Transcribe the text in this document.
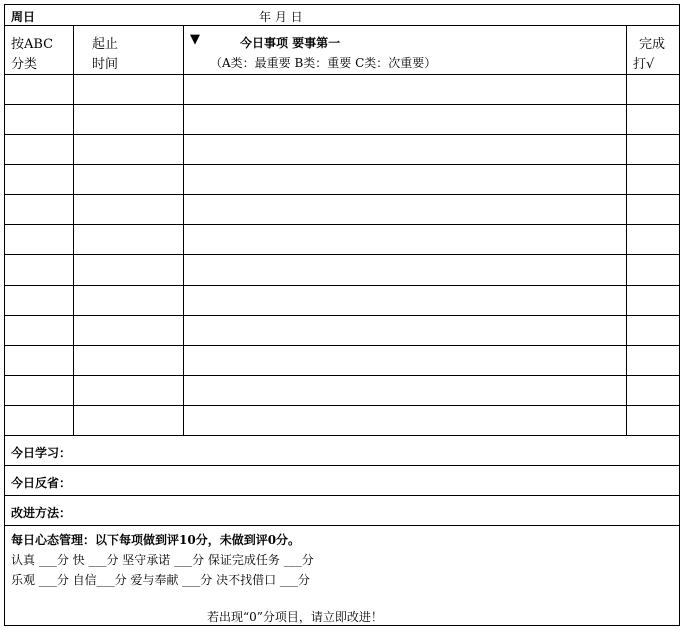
周日	年 月 日
按ABC
分类
起止
时间
▼	今日事项 要事第一
（A类：最重要 B类：重要 C类：次重要）
完成
打√
今日学习：
今日反省：
改进方法：
每日心态管理：以下每项做到评10分，未做到评0分。
认真 ___分 快 ___分 坚守承诺 ___分 保证完成任务 ___分
乐观 ___分 自信___分 爱与奉献 ___分 决不找借口 ___分
若出现“0”分项目，请立即改进！
